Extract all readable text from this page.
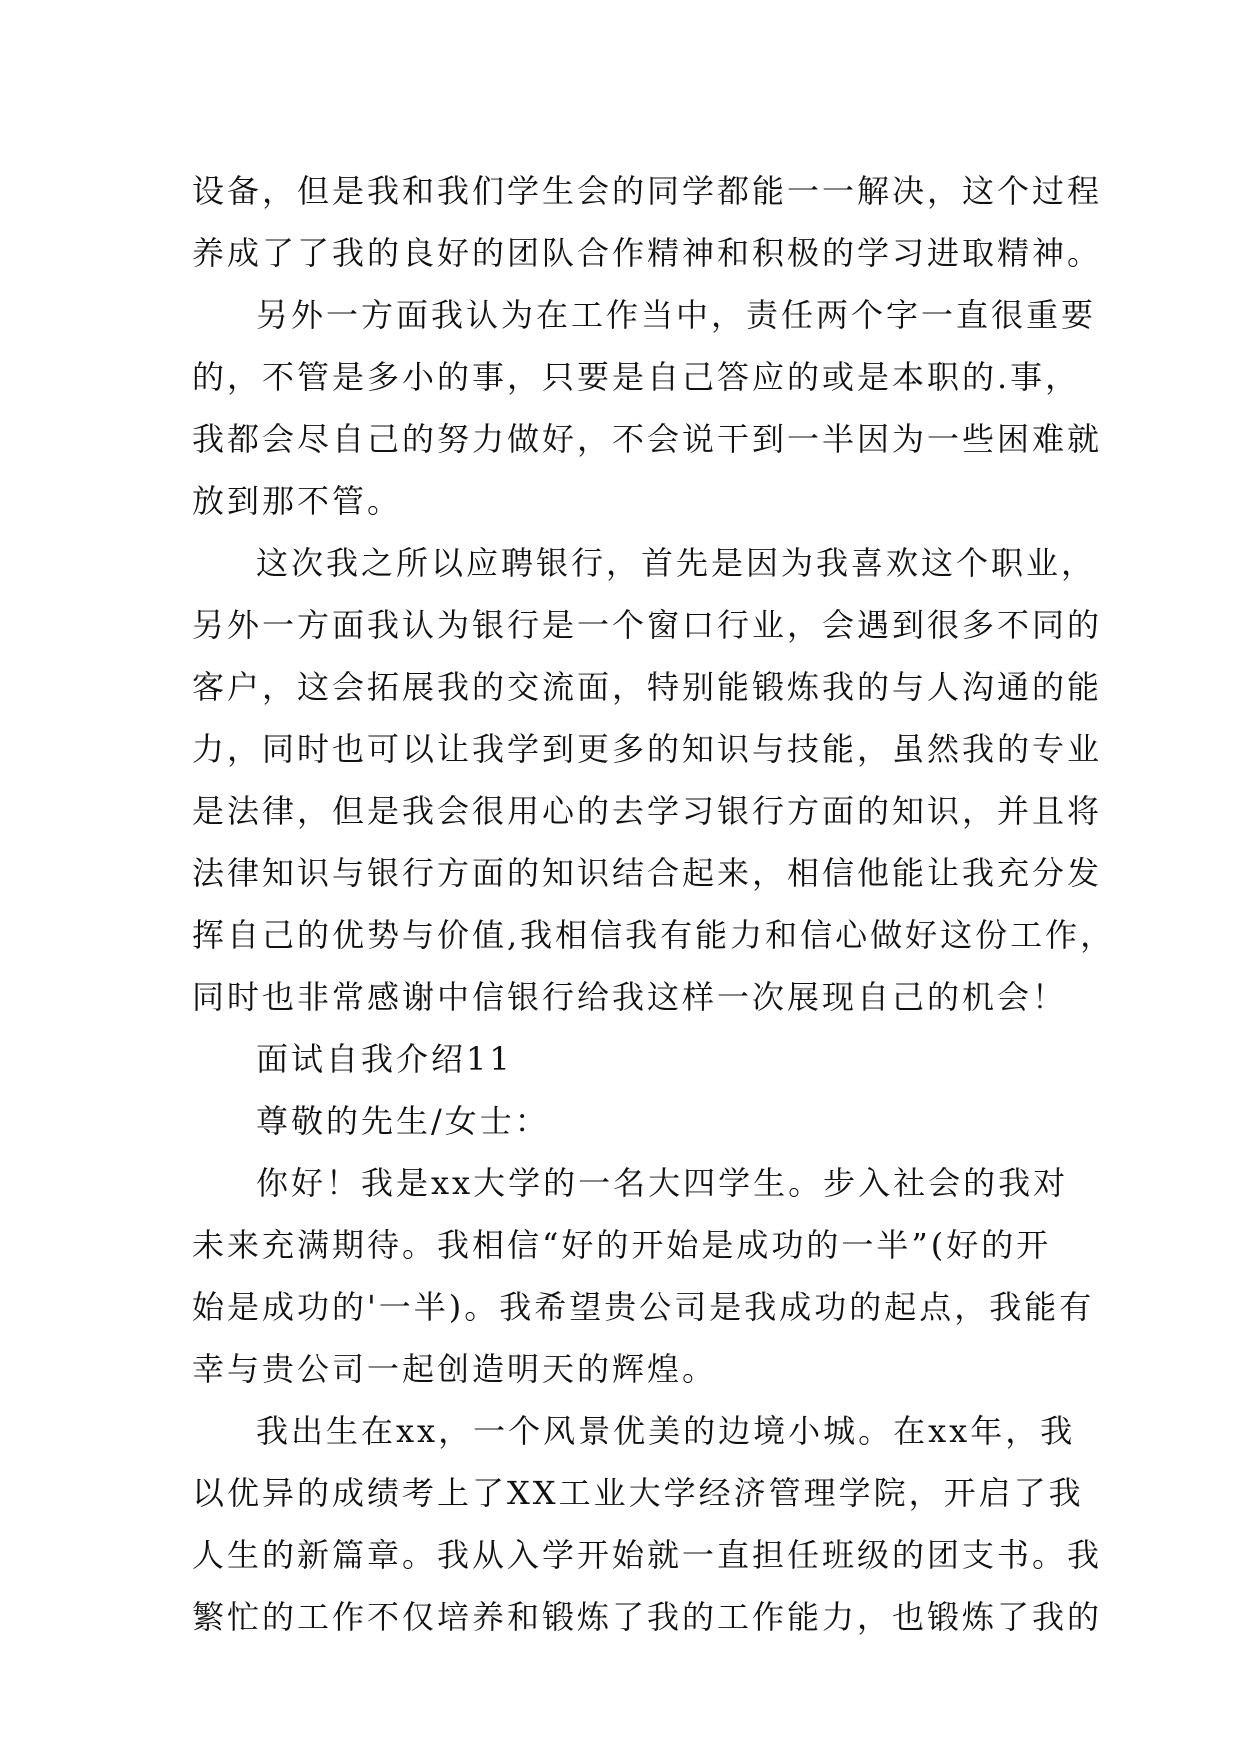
设备，但是我和我们学生会的同学都能一一解决，这个过程
养成了了我的良好的团队合作精神和积极的学习进取精神。
另外一方面我认为在工作当中，责任两个字一直很重要
的，不管是多小的事，只要是自己答应的或是本职的.事，
我都会尽自己的努力做好，不会说干到一半因为一些困难就
放到那不管。
这次我之所以应聘银行，首先是因为我喜欢这个职业，
另外一方面我认为银行是一个窗口行业，会遇到很多不同的
客户，这会拓展我的交流面，特别能锻炼我的与人沟通的能
力，同时也可以让我学到更多的知识与技能，虽然我的专业
是法律，但是我会很用心的去学习银行方面的知识，并且将
法律知识与银行方面的知识结合起来，相信他能让我充分发
挥自己的优势与价值,我相信我有能力和信心做好这份工作，
同时也非常感谢中信银行给我这样一次展现自己的机会！
面试自我介绍11
尊敬的先生/女士：
你好！我是xx大学的一名大四学生。步入社会的我对
未来充满期待。我相信“好的开始是成功的一半”(好的开
始是成功的'一半)。我希望贵公司是我成功的起点，我能有
幸与贵公司一起创造明天的辉煌。
我出生在xx，一个风景优美的边境小城。在xx年，我
以优异的成绩考上了XX工业大学经济管理学院，开启了我
人生的新篇章。我从入学开始就一直担任班级的团支书。我
繁忙的工作不仅培养和锻炼了我的工作能力，也锻炼了我的
